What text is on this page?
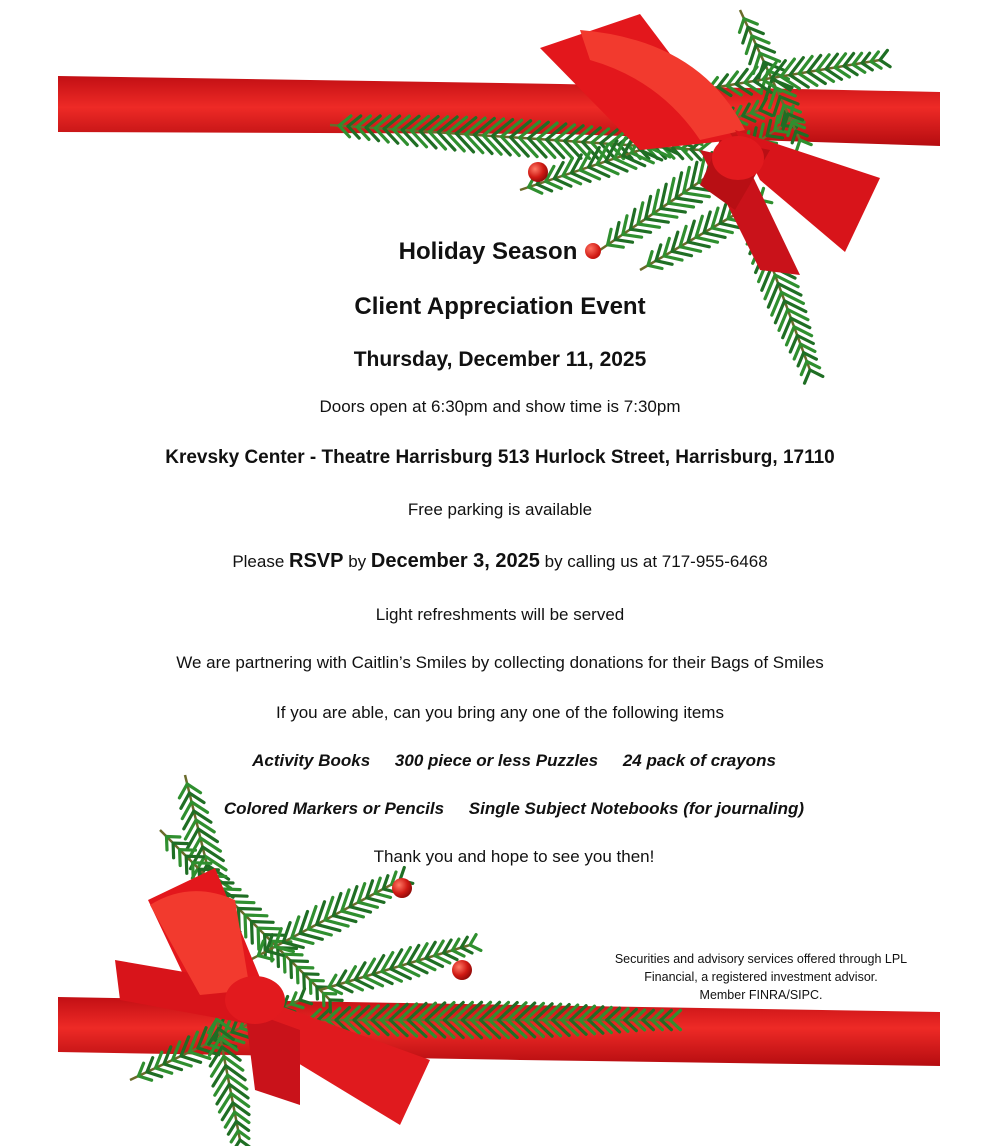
Holiday Season
Client Appreciation Event
Thursday, December 11, 2025
Doors open at 6:30pm and show time is 7:30pm
Krevsky Center - Theatre Harrisburg 513 Hurlock Street, Harrisburg, 17110
Free parking is available
Please RSVP by December 3, 2025 by calling us at 717-955-6468
Light refreshments will be served
We are partnering with Caitlin’s Smiles by collecting donations for their Bags of Smiles
If you are able, can you bring any one of the following items
Activity Books 300 piece or less Puzzles 24 pack of crayons
Colored Markers or Pencils Single Subject Notebooks (for journaling)
Thank you and hope to see you then!
Securities and advisory services offered through LPL
Financial, a registered investment advisor.
Member FINRA/SIPC.
